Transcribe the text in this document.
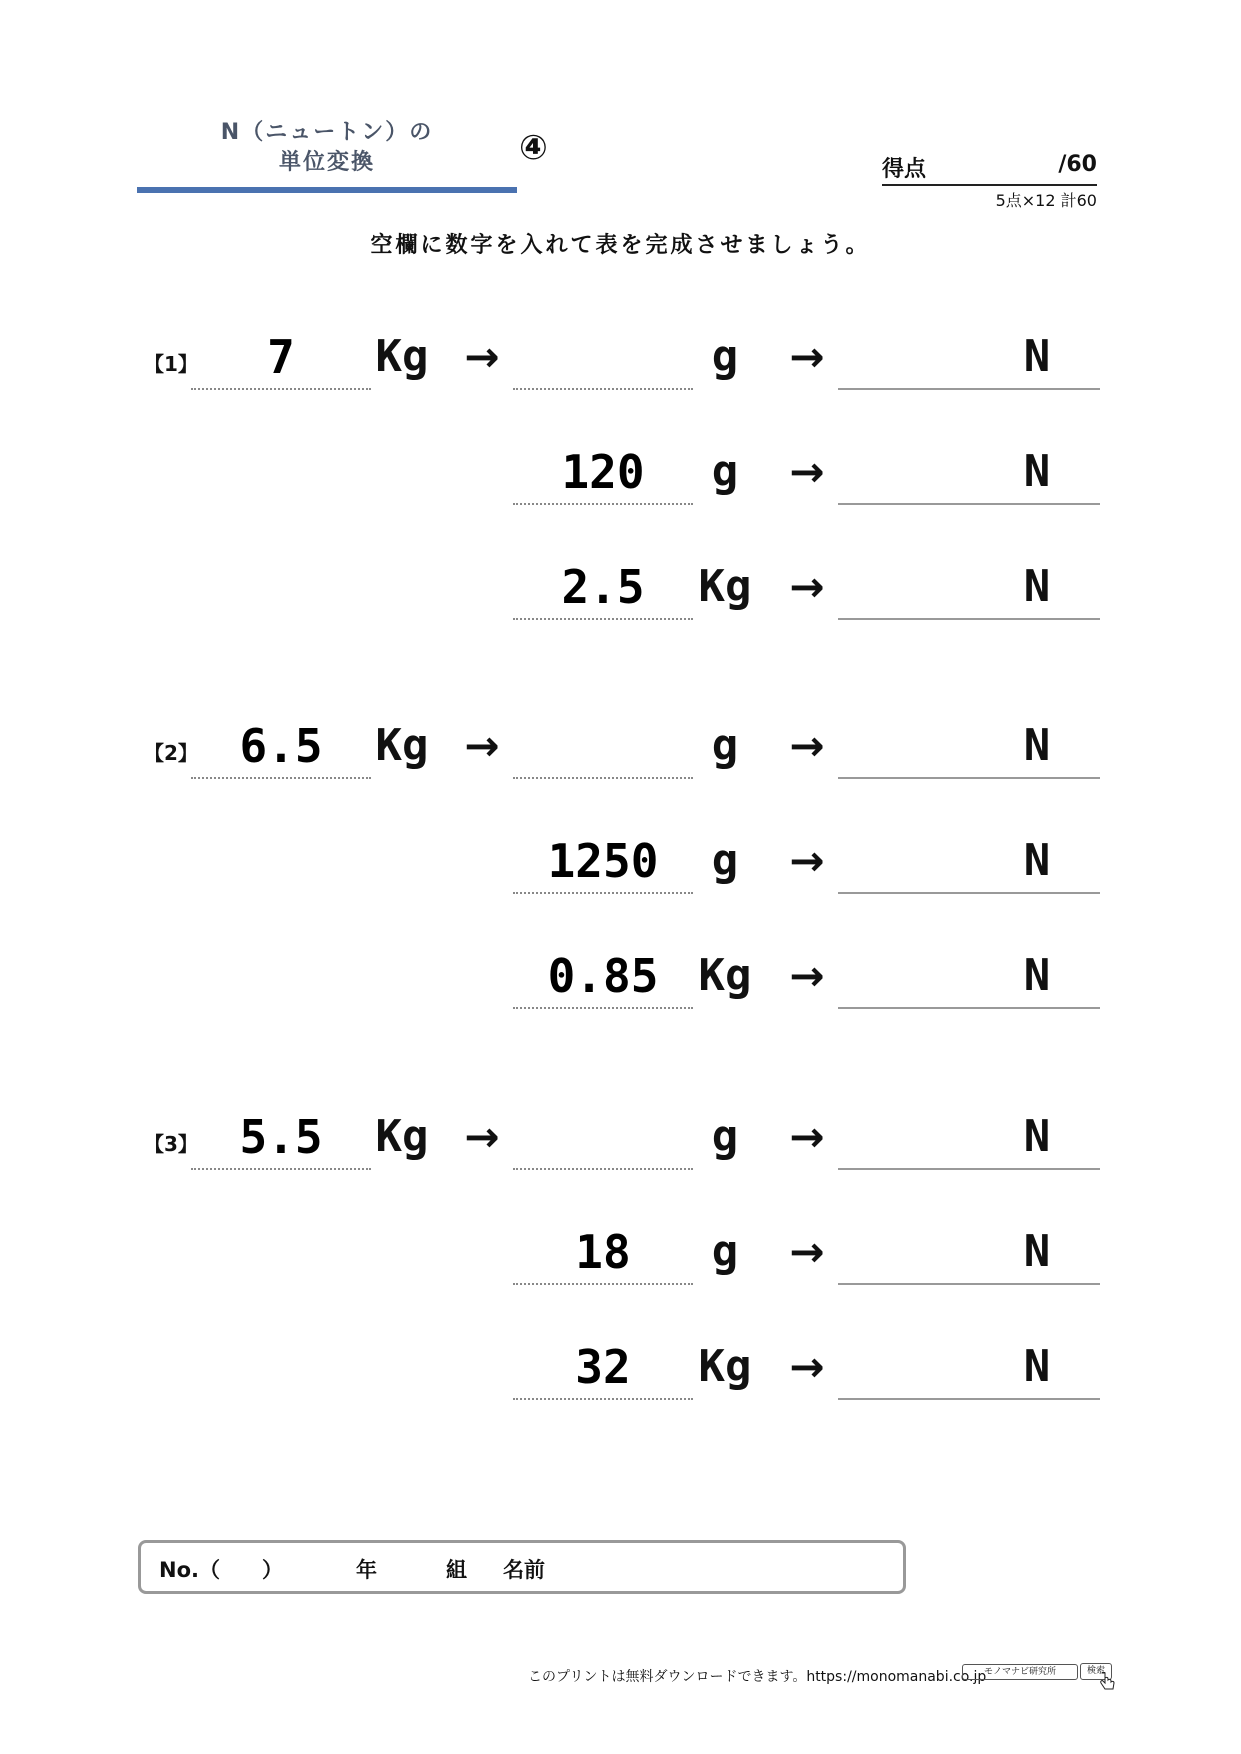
N（ニュートン）の
単位変換	④
得点	/60
5点×12 計60
空欄に数字を入れて表を完成させましょう。
【1】	7	Kg →	g	→	N
120	g	→	N
2.5	Kg →	N
【2】 6.5	Kg →	g	→	N
1250	g	→	N
0.85 Kg →	N
【3】 5.5	Kg →	g	→	N
18	g	→	N
32	Kg →	N
No.（　　）	年	組 名前
このプリントは無料ダウンロードできます。https://monomanabi.co.jp
モノマナビ研究所	検索
